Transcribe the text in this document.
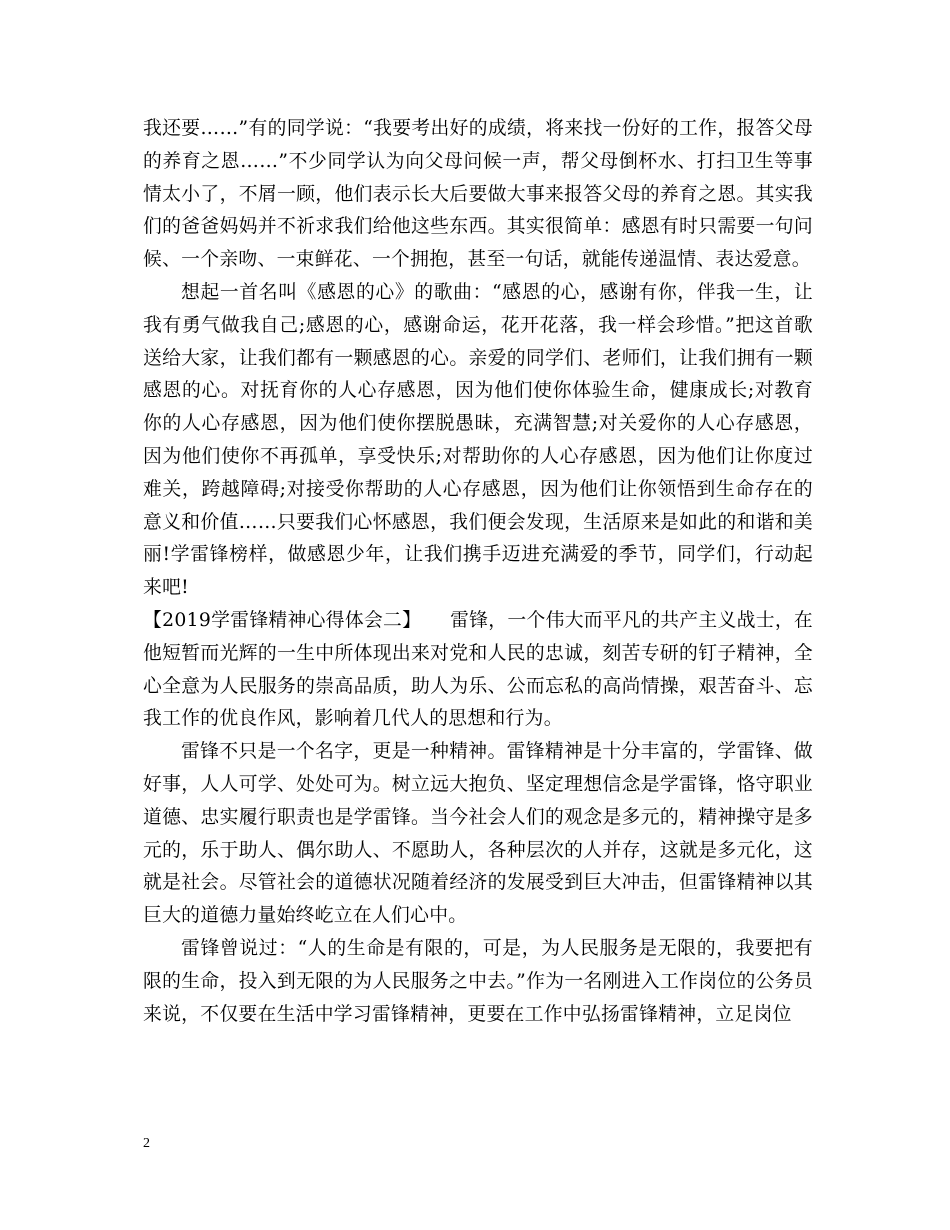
我还要……”有的同学说：“我要考出好的成绩，将来找一份好的工作，报答父母的养育之恩……”不少同学认为向父母问候一声，帮父母倒杯水、打扫卫生等事情太小了，不屑一顾，他们表示长大后要做大事来报答父母的养育之恩。其实我们的爸爸妈妈并不祈求我们给他这些东西。其实很简单：感恩有时只需要一句问候、一个亲吻、一束鲜花、一个拥抱，甚至一句话，就能传递温情、表达爱意。

想起一首名叫《感恩的心》的歌曲：“感恩的心，感谢有你，伴我一生，让我有勇气做我自己;感恩的心，感谢命运，花开花落，我一样会珍惜。”把这首歌送给大家，让我们都有一颗感恩的心。亲爱的同学们、老师们，让我们拥有一颗感恩的心。对抚育你的人心存感恩，因为他们使你体验生命，健康成长;对教育你的人心存感恩，因为他们使你摆脱愚昧，充满智慧;对关爱你的人心存感恩，因为他们使你不再孤单，享受快乐;对帮助你的人心存感恩，因为他们让你度过难关，跨越障碍;对接受你帮助的人心存感恩，因为他们让你领悟到生命存在的意义和价值……只要我们心怀感恩，我们便会发现，生活原来是如此的和谐和美丽!学雷锋榜样，做感恩少年，让我们携手迈进充满爱的季节，同学们，行动起来吧!

【2019学雷锋精神心得体会二】　　 雷锋，一个伟大而平凡的共产主义战士，在他短暂而光辉的一生中所体现出来对党和人民的忠诚，刻苦专研的钉子精神，全心全意为人民服务的崇高品质，助人为乐、公而忘私的高尚情操，艰苦奋斗、忘我工作的优良作风，影响着几代人的思想和行为。

雷锋不只是一个名字，更是一种精神。雷锋精神是十分丰富的，学雷锋、做好事，人人可学、处处可为。树立远大抱负、坚定理想信念是学雷锋，恪守职业道德、忠实履行职责也是学雷锋。当今社会人们的观念是多元的，精神操守是多元的，乐于助人、偶尔助人、不愿助人，各种层次的人并存，这就是多元化，这就是社会。尽管社会的道德状况随着经济的发展受到巨大冲击，但雷锋精神以其巨大的道德力量始终屹立在人们心中。

雷锋曾说过：“人的生命是有限的，可是，为人民服务是无限的，我要把有限的生命，投入到无限的为人民服务之中去。”作为一名刚进入工作岗位的公务员来说，不仅要在生活中学习雷锋精神，更要在工作中弘扬雷锋精神，立足岗位

2
